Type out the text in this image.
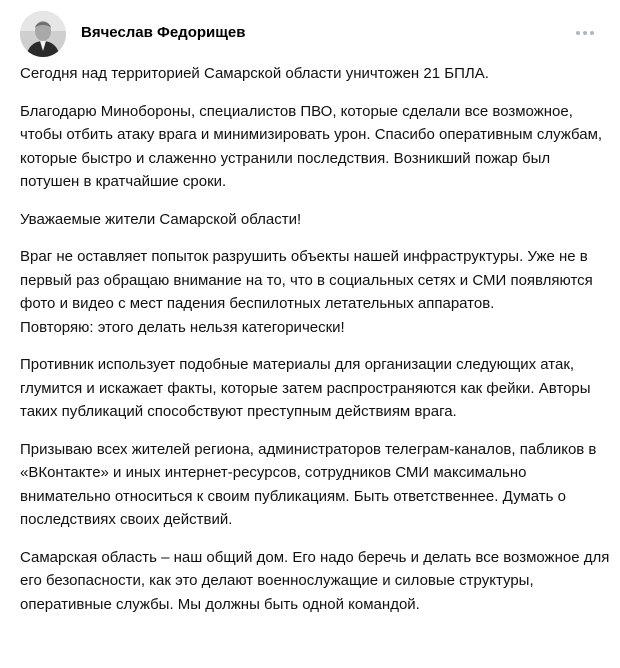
Вячеслав Федорищев

Сегодня над территорией Самарской области уничтожен 21 БПЛА.

Благодарю Минобороны, специалистов ПВО, которые сделали все возможное, чтобы отбить атаку врага и минимизировать урон. Спасибо оперативным службам, которые быстро и слаженно устранили последствия. Возникший пожар был потушен в кратчайшие сроки.

Уважаемые жители Самарской области!

Враг не оставляет попыток разрушить объекты нашей инфраструктуры. Уже не в первый раз обращаю внимание на то, что в социальных сетях и СМИ появляются фото и видео с мест падения беспилотных летательных аппаратов.
Повторяю: этого делать нельзя категорически!

Противник использует подобные материалы для организации следующих атак, глумится и искажает факты, которые затем распространяются как фейки. Авторы таких публикаций способствуют преступным действиям врага.

Призываю всех жителей региона, администраторов телеграм-каналов, пабликов в «ВКонтакте» и иных интернет-ресурсов, сотрудников СМИ максимально внимательно относиться к своим публикациям. Быть ответственнее. Думать о последствиях своих действий.

Самарская область – наш общий дом. Его надо беречь и делать все возможное для его безопасности, как это делают военнослужащие и силовые структуры, оперативные службы. Мы должны быть одной командой.
